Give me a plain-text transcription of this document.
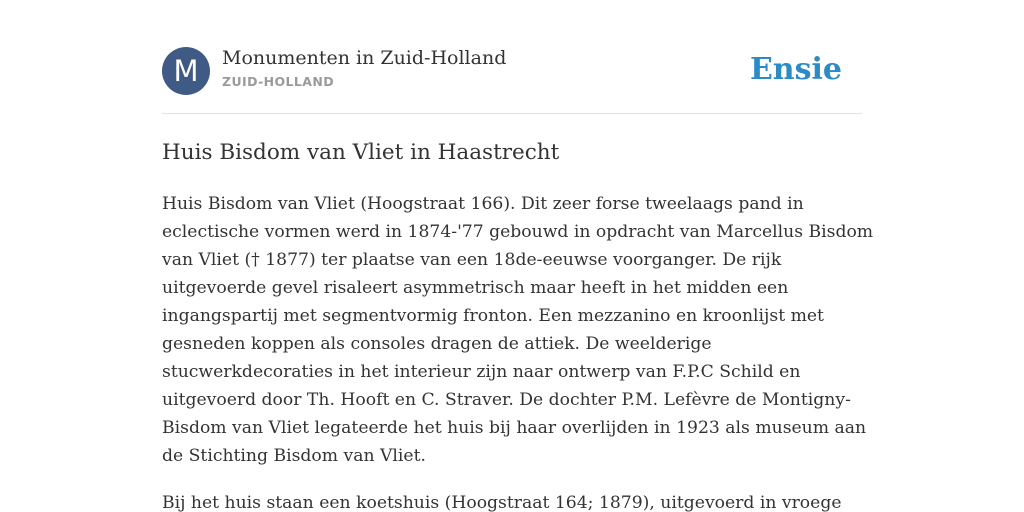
M	Monumenten in Zuid-Holland
ZUID-HOLLAND	Ensie
Huis Bisdom van Vliet in Haastrecht

Huis Bisdom van Vliet (Hoogstraat 166). Dit zeer forse tweelaags pand in
eclectische vormen werd in 1874-'77 gebouwd in opdracht van Marcellus Bisdom
van Vliet († 1877) ter plaatse van een 18de-eeuwse voorganger. De rijk
uitgevoerde gevel risaleert asymmetrisch maar heeft in het midden een
ingangspartij met segmentvormig fronton. Een mezzanino en kroonlijst met
gesneden koppen als consoles dragen de attiek. De weelderige
stucwerkdecoraties in het interieur zijn naar ontwerp van F.P.C Schild en
uitgevoerd door Th. Hooft en C. Straver. De dochter P.M. Lefèvre de Montigny-
Bisdom van Vliet legateerde het huis bij haar overlijden in 1923 als museum aan
de Stichting Bisdom van Vliet.

Bij het huis staan een koetshuis (Hoogstraat 164; 1879), uitgevoerd in vroege
